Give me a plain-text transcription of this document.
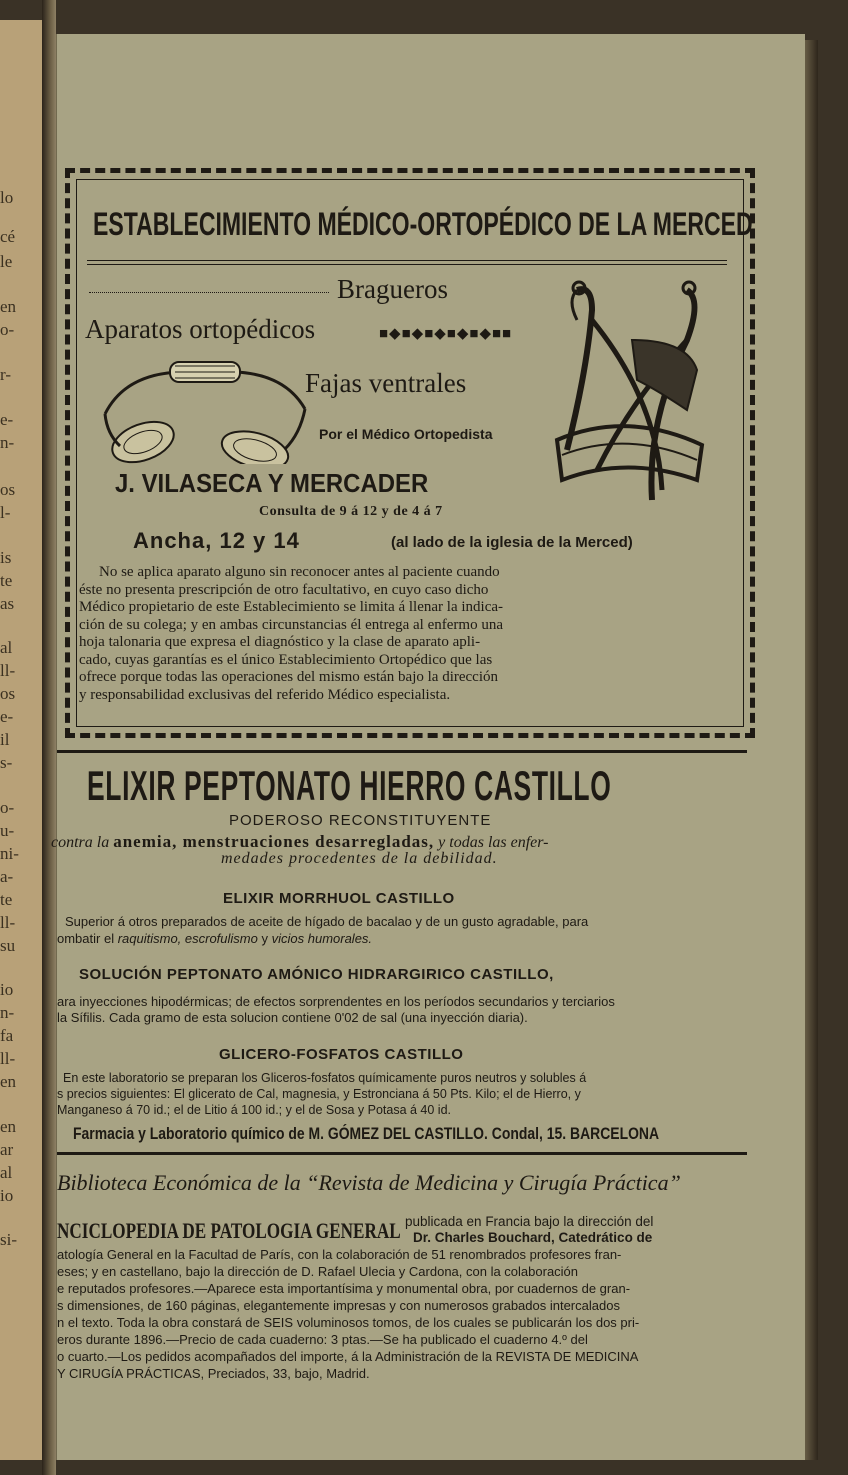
lo
cé
le
en
o-
r-
e-
n-
os
l-
is
te
as
al
ll-
os
e-
il
s-
o-
u-
ni-
a-
te
ll-
su
io
n-
fa
ll-
en
en
ar
al
io
si-
ESTABLECIMIENTO MÉDICO-ORTOPÉDICO DE LA MERCED
Bragueros
Aparatos ortopédicos	■◆■◆■◆■◆■◆■■
Fajas ventrales
Por el Médico Ortopedista
J. VILASECA Y MERCADER
Consulta de 9 á 12 y de 4 á 7
Ancha, 12 y 14	(al lado de la iglesia de la Merced)
No se aplica aparato alguno sin reconocer antes al paciente cuando
éste no presenta prescripción de otro facultativo, en cuyo caso dicho
Médico propietario de este Establecimiento se limita á llenar la indica-
ción de su colega; y en ambas circunstancias él entrega al enfermo una
hoja talonaria que expresa el diagnóstico y la clase de aparato apli-
cado, cuyas garantías es el único Establecimiento Ortopédico que las
ofrece porque todas las operaciones del mismo están bajo la dirección
y responsabilidad exclusivas del referido Médico especialista.
ELIXIR PEPTONATO HIERRO CASTILLO
PODEROSO RECONSTITUYENTE
contra la anemia, menstruaciones desarregladas, y todas las enfer-
medades procedentes de la debilidad.
ELIXIR MORRHUOL CASTILLO
Superior á otros preparados de aceite de hígado de bacalao y de un gusto agradable, para
ombatir el raquitismo, escrofulismo y vicios humorales.
SOLUCIÓN PEPTONATO AMÓNICO HIDRARGIRICO CASTILLO,
ara inyecciones hipodérmicas; de efectos sorprendentes en los períodos secundarios y terciarios
la Sífilis. Cada gramo de esta solucion contiene 0'02 de sal (una inyección diaria).
GLICERO-FOSFATOS CASTILLO
En este laboratorio se preparan los Gliceros-fosfatos químicamente puros neutros y solubles á
s precios siguientes: El glicerato de Cal, magnesia, y Estronciana á 50 Pts. Kilo; el de Hierro, y
Manganeso á 70 id.; el de Litio á 100 id.; y el de Sosa y Potasa á 40 id.
Farmacia y Laboratorio químico de M. GÓMEZ DEL CASTILLO. Condal, 15. BARCELONA
Biblioteca Económica de la “Revista de Medicina y Cirugía Práctica”
NCICLOPEDIA DE PATOLOGIA GENERAL publicada en Francia bajo la dirección del
Dr. Charles Bouchard, Catedrático de
atología General en la Facultad de París, con la colaboración de 51 renombrados profesores fran-
eses; y en castellano, bajo la dirección de D. Rafael Ulecia y Cardona, con la colaboración
e reputados profesores.—Aparece esta importantísima y monumental obra, por cuadernos de gran-
s dimensiones, de 160 páginas, elegantemente impresas y con numerosos grabados intercalados
n el texto. Toda la obra constará de SEIS voluminosos tomos, de los cuales se publicarán los dos pri-
eros durante 1896.—Precio de cada cuaderno: 3 ptas.—Se ha publicado el cuaderno 4.º del
o cuarto.—Los pedidos acompañados del importe, á la Administración de la REVISTA DE MEDICINA
Y CIRUGÍA PRÁCTICAS, Preciados, 33, bajo, Madrid.
